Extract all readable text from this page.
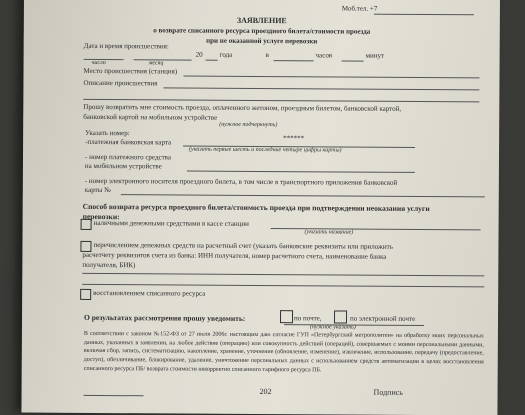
Моб.тел. +7
ЗАЯВЛЕНИЕ
о возврате списанного ресурса проездного билета/стоимости проезда
при не оказанной услуге перевозки
Дата и время происшествия:
20 года	в	часов	минут
число	месяц
Место происшествия (станция)
Описание происшествия
Прошу возвратить мне стоимость проезда, оплаченного жетоном, проездным билетом, банковской картой,
банковской картой на мобильном устройстве
(нужное подчеркнуть)
Указать номер:
-платежная банковская карта	******
(указать первые шесть и последние четыре цифры карты)
- номер платежного средства
на мобильном устройстве
- номер электронного носителя проездного билета, в том числе в транспортного приложения банковской
карты №
Способ возврата ресурса проездного билета/стоимость проезда при подтверждении неоказания услуги
перевозки:
наличными денежными средствами в кассе станции
(указать название)
перечислением денежных средств на расчетный счет (указать банковские реквизиты или приложить
расчетчету реквизитов счета из банка: ИНН получателя, номер расчетного счета, наименование банка
получателя, БИК)
восстановлением списанного ресурса
О результатах рассмотрения прошу уведомить:	по почте,	по электронной почте
(нужное указать)
В соответствии с законом №152-ФЗ от 27 июля 2006г. настоящим даю согласие ГУП «Петербургский метрополитен» на обработку моих персональных данных, указанных в заявлении, на любое действие (операцию) или совокупность действий (операций), совершаемых с моими персональными данными, включая сбор, запись, систематизацию, накопление, хранение, уточнение (обновление, изменение), извлечение, использование, передачу (предоставление, доступ), обезличивание, блокирование, удаление, уничтожение персональных данных с использованием средств автоматизации в целях восстановления списанного ресурса ПБ/ возврата стоимости некорректно списанного тарифного ресурса ПБ.
202	Подпись
